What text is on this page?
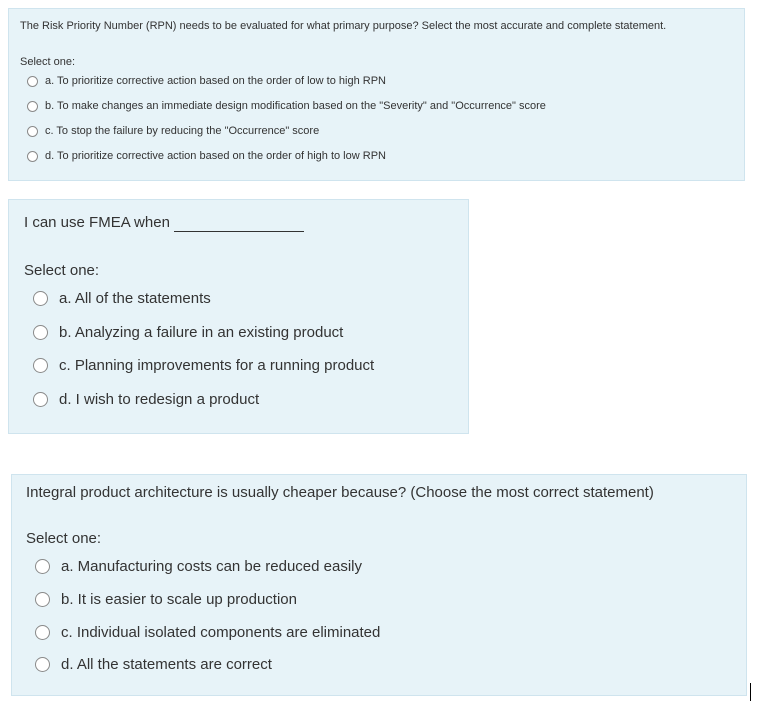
The Risk Priority Number (RPN) needs to be evaluated for what primary purpose? Select the most accurate and complete statement.
Select one:
a. To prioritize corrective action based on the order of low to high RPN
b. To make changes an immediate design modification based on the "Severity" and "Occurrence" score
c. To stop the failure by reducing the "Occurrence" score
d. To prioritize corrective action based on the order of high to low RPN
I can use FMEA when
Select one:
a. All of the statements
b. Analyzing a failure in an existing product
c. Planning improvements for a running product
d. I wish to redesign a product
Integral product architecture is usually cheaper because? (Choose the most correct statement)
Select one:
a. Manufacturing costs can be reduced easily
b. It is easier to scale up production
c. Individual isolated components are eliminated
d. All the statements are correct
